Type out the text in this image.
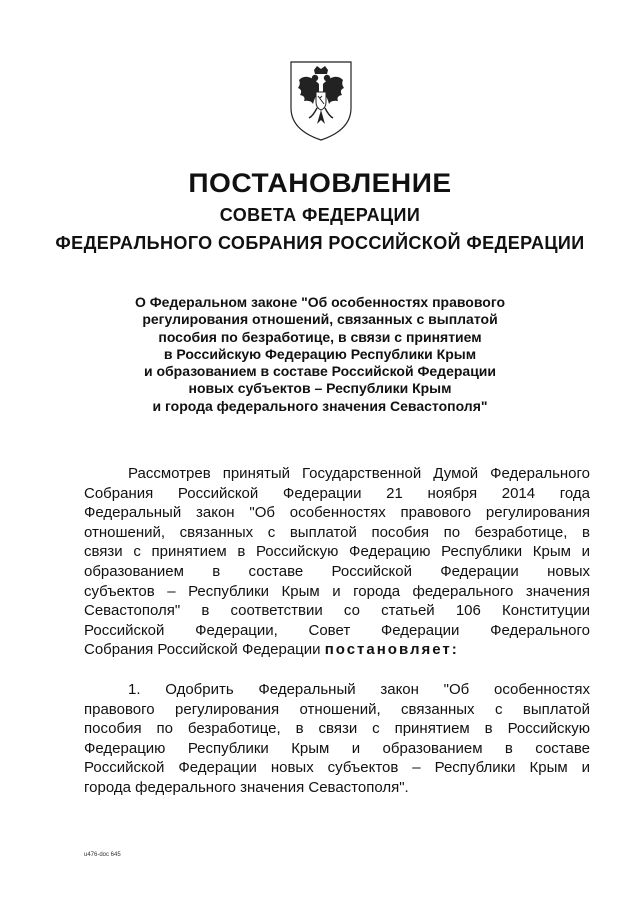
ПОСТАНОВЛЕНИЕ
СОВЕТА ФЕДЕРАЦИИ
ФЕДЕРАЛЬНОГО СОБРАНИЯ РОССИЙСКОЙ ФЕДЕРАЦИИ
О Федеральном законе "Об особенностях правового
регулирования отношений, связанных с выплатой
пособия по безработице, в связи с принятием
в Российскую Федерацию Республики Крым
и образованием в составе Российской Федерации
новых субъектов – Республики Крым
и города федерального значения Севастополя"
Рассмотрев принятый Государственной Думой Федерального
Собрания Российской Федерации 21 ноября 2014 года
Федеральный закон "Об особенностях правового регулирования
отношений, связанных с выплатой пособия по безработице, в
связи с принятием в Российскую Федерацию Республики Крым и
образованием в составе Российской Федерации новых
субъектов – Республики Крым и города федерального значения
Севастополя" в соответствии со статьей 106 Конституции
Российской Федерации, Совет Федерации Федерального
Собрания Российской Федерации постановляет:
1. Одобрить Федеральный закон "Об особенностях
правового регулирования отношений, связанных с выплатой
пособия по безработице, в связи с принятием в Российскую
Федерацию Республики Крым и образованием в составе
Российской Федерации новых субъектов – Республики Крым и
города федерального значения Севастополя".
u476-doc 645
